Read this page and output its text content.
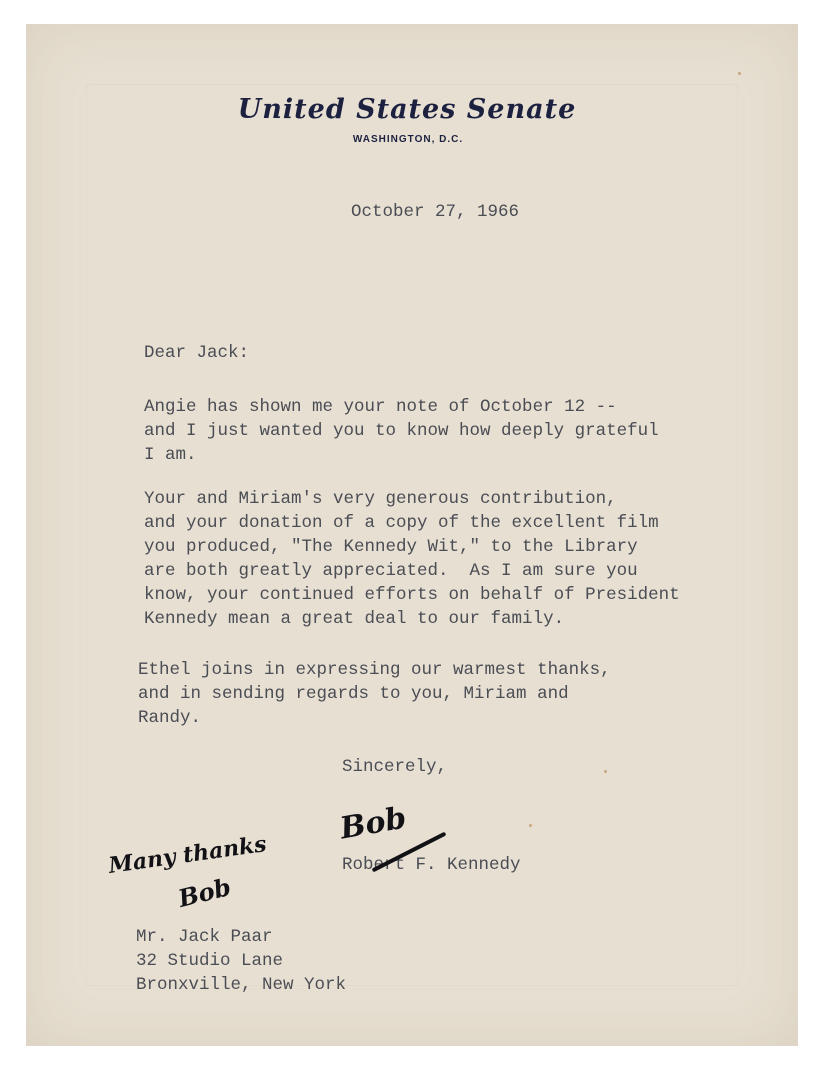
United States Senate
WASHINGTON, D.C.
October 27, 1966
Dear Jack:
Angie has shown me your note of October 12 --
and I just wanted you to know how deeply grateful
I am.
Your and Miriam's very generous contribution,
and your donation of a copy of the excellent film
you produced, "The Kennedy Wit," to the Library
are both greatly appreciated.  As I am sure you
know, your continued efforts on behalf of President
Kennedy mean a great deal to our family.
Ethel joins in expressing our warmest thanks,
and in sending regards to you, Miriam and
Randy.
Sincerely,
Robert F. Kennedy
Bob
Many thanks
Bob
Mr. Jack Paar
32 Studio Lane
Bronxville, New York
